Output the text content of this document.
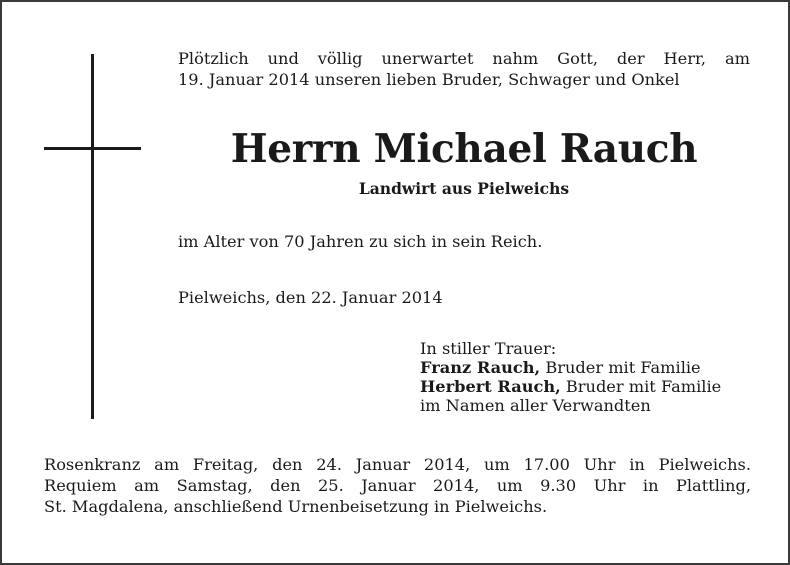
Plötzlich und völlig unerwartet nahm Gott, der Herr, am
19. Januar 2014 unseren lieben Bruder, Schwager und Onkel
Herrn Michael Rauch
Landwirt aus Pielweichs
im Alter von 70 Jahren zu sich in sein Reich.
Pielweichs, den 22. Januar 2014
In stiller Trauer:
Franz Rauch, Bruder mit Familie
Herbert Rauch, Bruder mit Familie
im Namen aller Verwandten
Rosenkranz am Freitag, den 24. Januar 2014, um 17.00 Uhr in Pielweichs.
Requiem am Samstag, den 25. Januar 2014, um 9.30 Uhr in Plattling,
St. Magdalena, anschließend Urnenbeisetzung in Pielweichs.
